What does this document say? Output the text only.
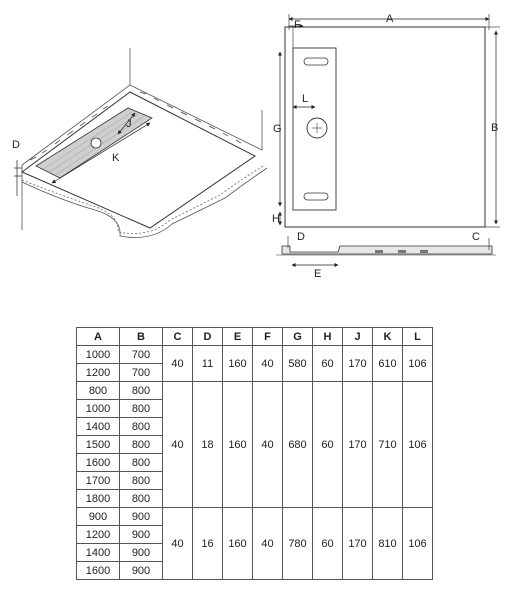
J
K
D
A
F
B
G
H
L
D	C
E
A	B	C	D	E	F	G	H	J	K	L
1000	700	40	11	160	40	580	60	170	610	106
1200	700									
800	800	40	18	160	40	680	60	170	710	106
1000	800									
1400	800									
1500	800									
1600	800									
1700	800									
1800	800									
900	900	40	16	160	40	780	60	170	810	106
1200	900									
1400	900									
1600	900									
